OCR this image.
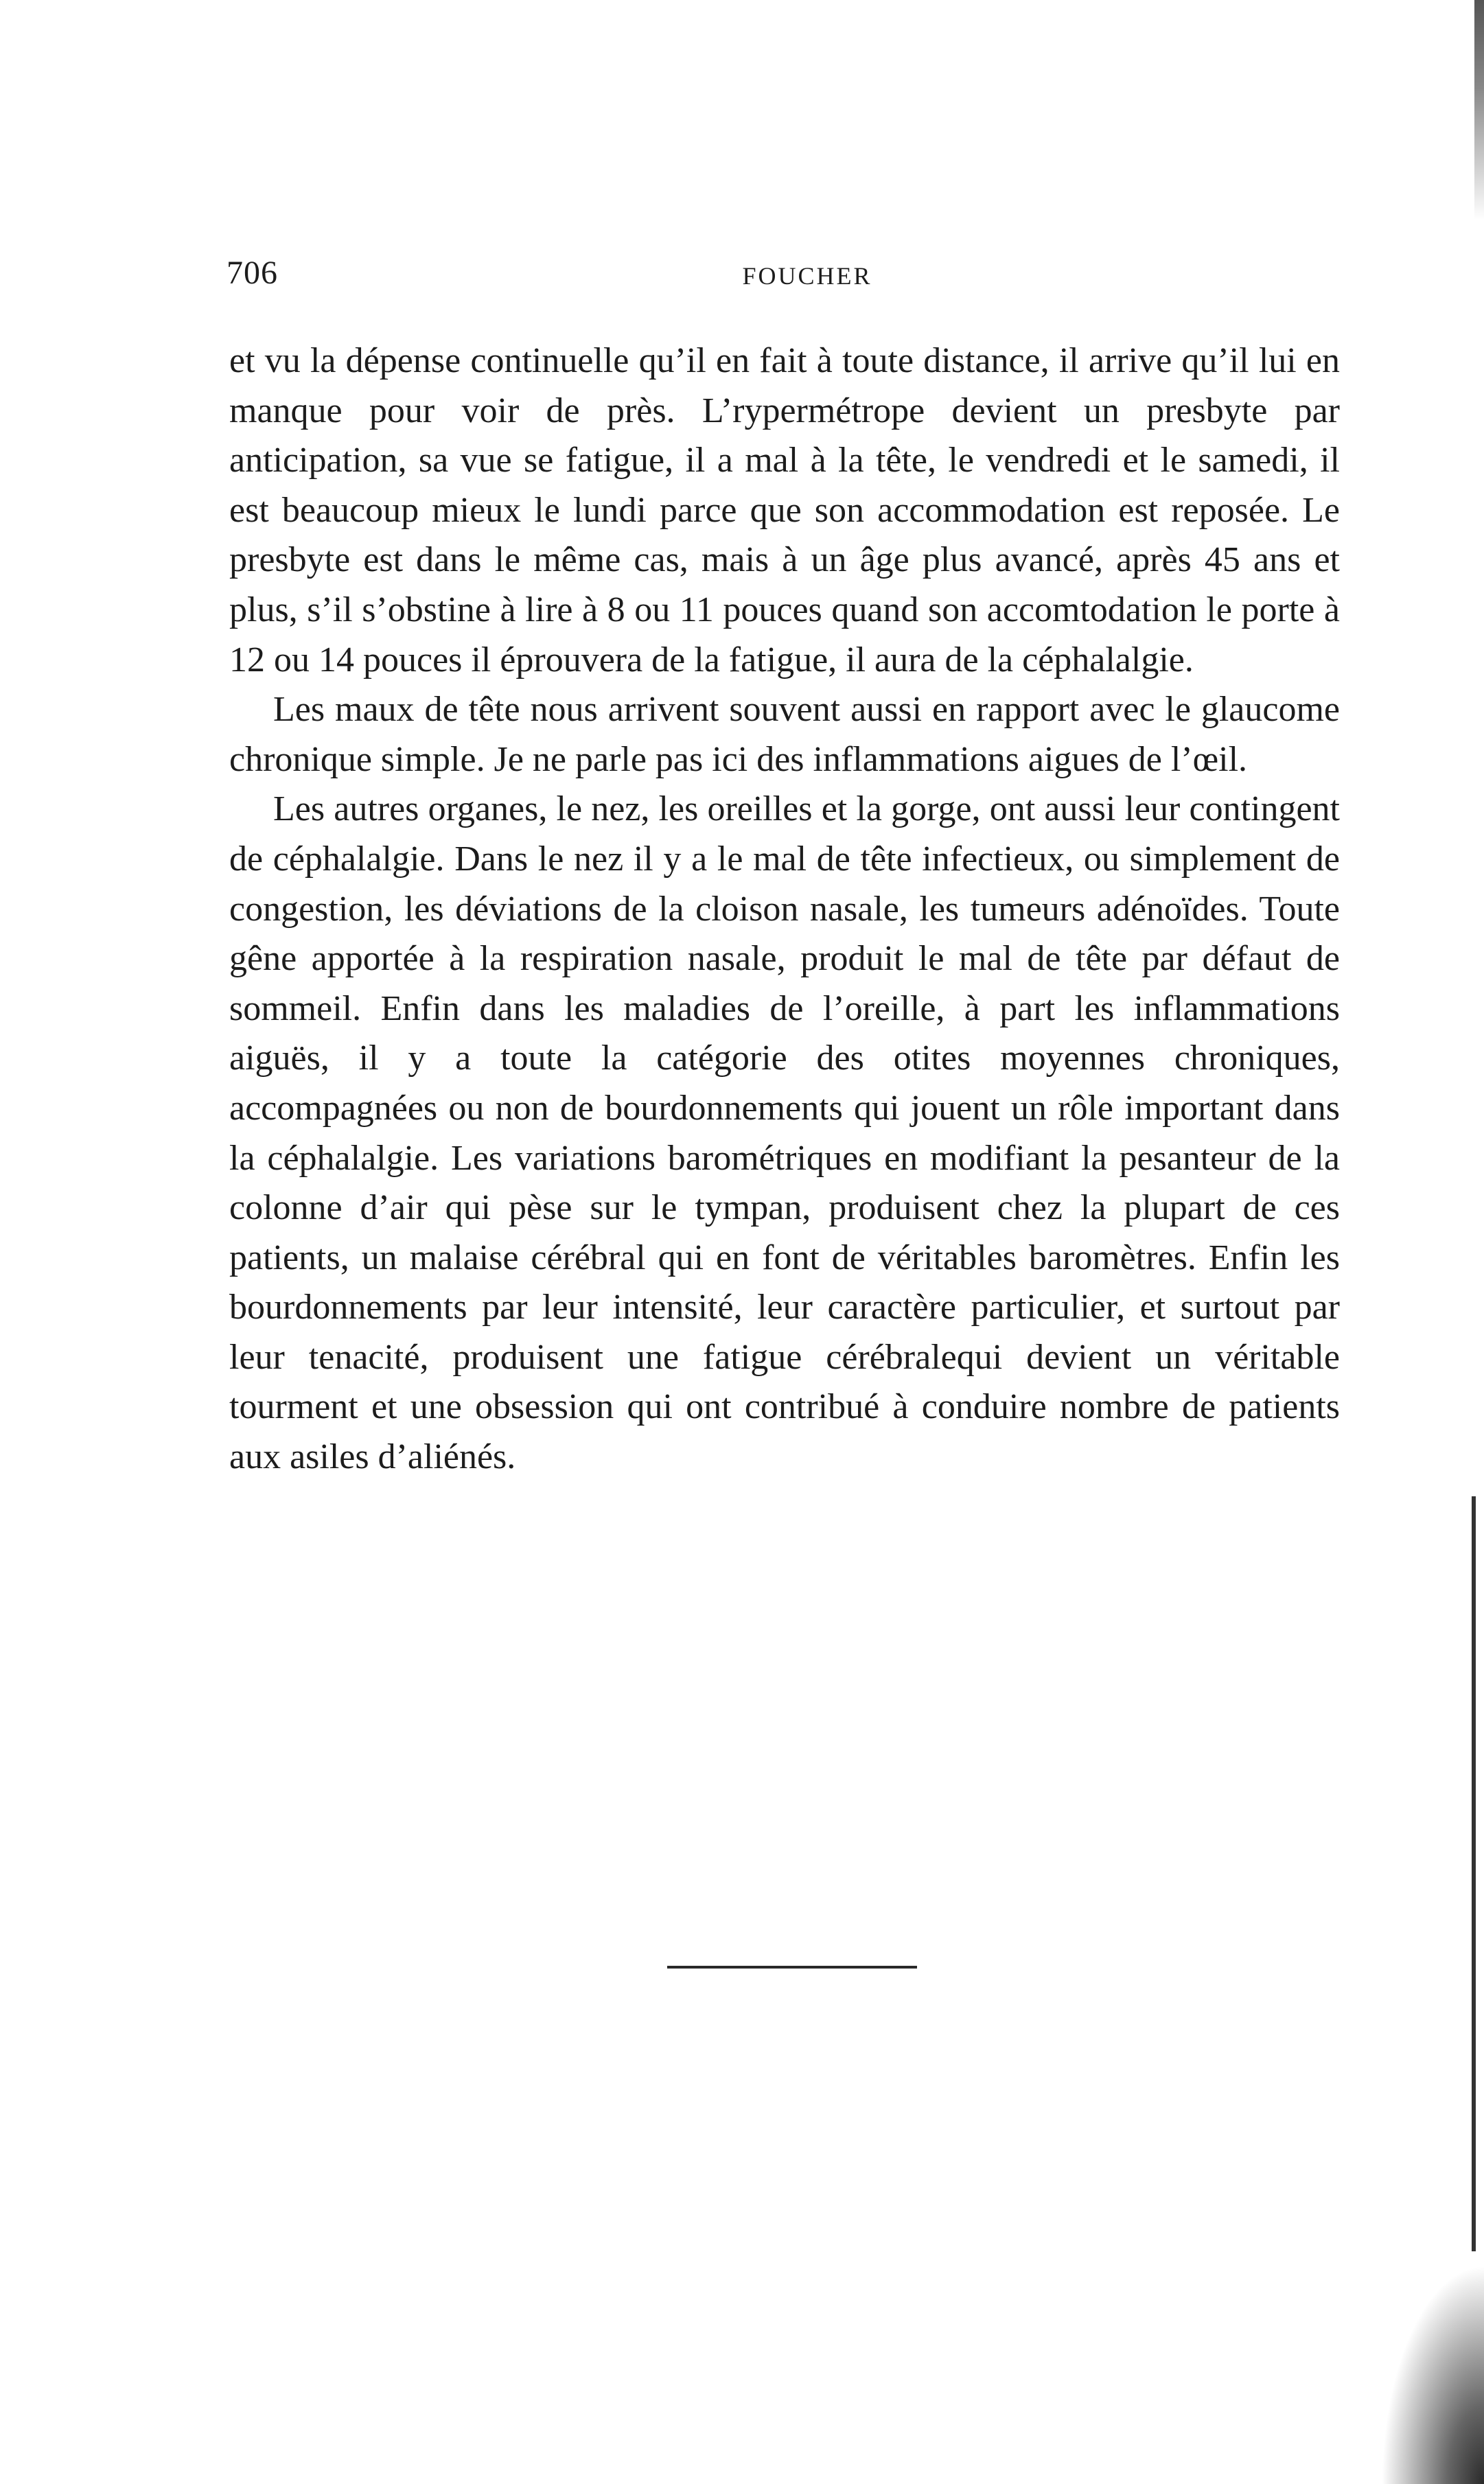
706	FOUCHER

et vu la dépense continuelle qu’il en fait à toute distance, il arrive qu’il lui en manque pour voir de près. L’rypermétrope devient un presbyte par anticipation, sa vue se fatigue, il a mal à la tête, le vendredi et le samedi, il est beaucoup mieux le lundi parce que son accommodation est reposée. Le presbyte est dans le même cas, mais à un âge plus avancé, après 45 ans et plus, s’il s’obstine à lire à 8 ou 11 pouces quand son accomtodation le porte à 12 ou 14 pouces il éprouvera de la fatigue, il aura de la céphalalgie.

Les maux de tête nous arrivent souvent aussi en rapport avec le glaucome chronique simple. Je ne parle pas ici des inflammations aigues de l’œil.

Les autres organes, le nez, les oreilles et la gorge, ont aussi leur contingent de céphalalgie. Dans le nez il y a le mal de tête infectieux, ou simplement de congestion, les déviations de la cloison nasale, les tumeurs adénoïdes. Toute gêne apportée à la respiration nasale, produit le mal de tête par défaut de sommeil. Enfin dans les maladies de l’oreille, à part les inflammations aiguës, il y a toute la catégorie des otites moyennes chroniques, accompagnées ou non de bourdonnements qui jouent un rôle important dans la céphalalgie. Les variations barométriques en modifiant la pesanteur de la colonne d’air qui pèse sur le tympan, produisent chez la plupart de ces patients, un malaise cérébral qui en font de véritables baromètres. Enfin les bourdonnements par leur intensité, leur caractère particulier, et surtout par leur tenacité, produisent une fatigue cérébralequi devient un véritable tourment et une obsession qui ont contribué à conduire nombre de patients aux asiles d’aliénés.
